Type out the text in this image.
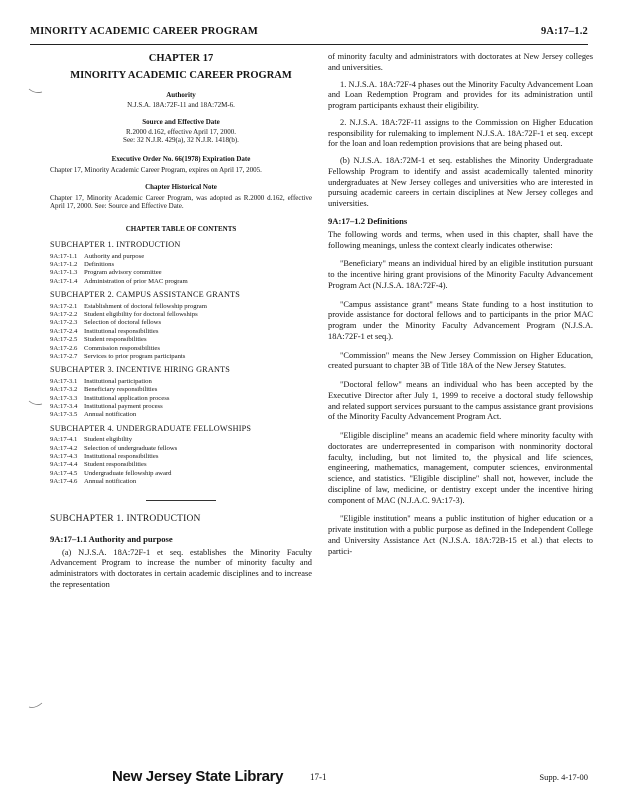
MINORITY ACADEMIC CAREER PROGRAM	9A:17–1.2

CHAPTER 17

MINORITY ACADEMIC CAREER PROGRAM

Authority

N.J.S.A. 18A:72F-11 and 18A:72M-6.

Source and Effective Date

R.2000 d.162, effective April 17, 2000.

See: 32 N.J.R. 429(a), 32 N.J.R. 1418(b).

Executive Order No. 66(1978) Expiration Date

Chapter 17, Minority Academic Career Program, expires on April 17, 2005.

Chapter Historical Note

Chapter 17, Minority Academic Career Program, was adopted as R.2000 d.162, effective April 17, 2000. See: Source and Effective Date.

CHAPTER TABLE OF CONTENTS

SUBCHAPTER 1. INTRODUCTION

9A:17-1.1 Authority and purpose
9A:17-1.2 Definitions
9A:17-1.3 Program advisory committee
9A:17-1.4 Administration of prior MAC program

SUBCHAPTER 2. CAMPUS ASSISTANCE GRANTS

9A:17-2.1 Establishment of doctoral fellowship program
9A:17-2.2 Student eligibility for doctoral fellowships
9A:17-2.3 Selection of doctoral fellows
9A:17-2.4 Institutional responsibilities
9A:17-2.5 Student responsibilities
9A:17-2.6 Commission responsibilities
9A:17-2.7 Services to prior program participants

SUBCHAPTER 3. INCENTIVE HIRING GRANTS

9A:17-3.1 Institutional participation
9A:17-3.2 Beneficiary responsibilities
9A:17-3.3 Institutional application process
9A:17-3.4 Institutional payment process
9A:17-3.5 Annual notification

SUBCHAPTER 4. UNDERGRADUATE FELLOWSHIPS

9A:17-4.1 Student eligibility
9A:17-4.2 Selection of undergraduate fellows
9A:17-4.3 Institutional responsibilities
9A:17-4.4 Student responsibilities
9A:17-4.5 Undergraduate fellowship award
9A:17-4.6 Annual notification

SUBCHAPTER 1. INTRODUCTION

9A:17–1.1 Authority and purpose

(a) N.J.S.A. 18A:72F-1 et seq. establishes the Minority Faculty Advancement Program to increase the number of minority faculty and administrators with doctorates in certain academic disciplines and to increase the representation

of minority faculty and administrators with doctorates at New Jersey colleges and universities.

1. N.J.S.A. 18A:72F-4 phases out the Minority Faculty Advancement Loan and Loan Redemption Program and provides for its administration until program participants exhaust their eligibility.

2. N.J.S.A. 18A:72F-11 assigns to the Commission on Higher Education responsibility for rulemaking to implement N.J.S.A. 18A:72F-1 et seq. except for the loan and loan redemption provisions that are being phased out.

(b) N.J.S.A. 18A:72M-1 et seq. establishes the Minority Undergraduate Fellowship Program to identify and assist academically talented minority undergraduates at New Jersey colleges and universities who are interested in pursuing academic careers in certain disciplines at New Jersey colleges and universities.

9A:17–1.2 Definitions

The following words and terms, when used in this chapter, shall have the following meanings, unless the context clearly indicates otherwise:

"Beneficiary" means an individual hired by an eligible institution pursuant to the incentive hiring grant provisions of the Minority Faculty Advancement Program Act (N.J.S.A. 18A:72F-4).

"Campus assistance grant" means State funding to a host institution to provide assistance for doctoral fellows and to participants in the prior MAC program under the Minority Faculty Advancement Program (N.J.S.A. 18A:72F-1 et seq.).

"Commission" means the New Jersey Commission on Higher Education, created pursuant to chapter 3B of Title 18A of the New Jersey Statutes.

"Doctoral fellow" means an individual who has been accepted by the Executive Director after July 1, 1999 to receive a doctoral study fellowship and related support services pursuant to the campus assistance grant provisions of the Minority Faculty Advancement Program Act.

"Eligible discipline" means an academic field where minority faculty with doctorates are underrepresented in comparison with nonminority doctoral faculty, including, but not limited to, the physical and life sciences, engineering, mathematics, management, computer sciences, environmental science, and statistics. "Eligible discipline" shall not, however, include the discipline of law, medicine, or dentistry except under the incentive hiring component of MAC (N.J.A.C. 9A:17-3).

"Eligible institution" means a public institution of higher education or a private institution with a public purpose as defined in the Independent College and University Assistance Act (N.J.S.A. 18A:72B-15 et al.) that elects to partici-

New Jersey State Library	17-1	Supp. 4-17-00
